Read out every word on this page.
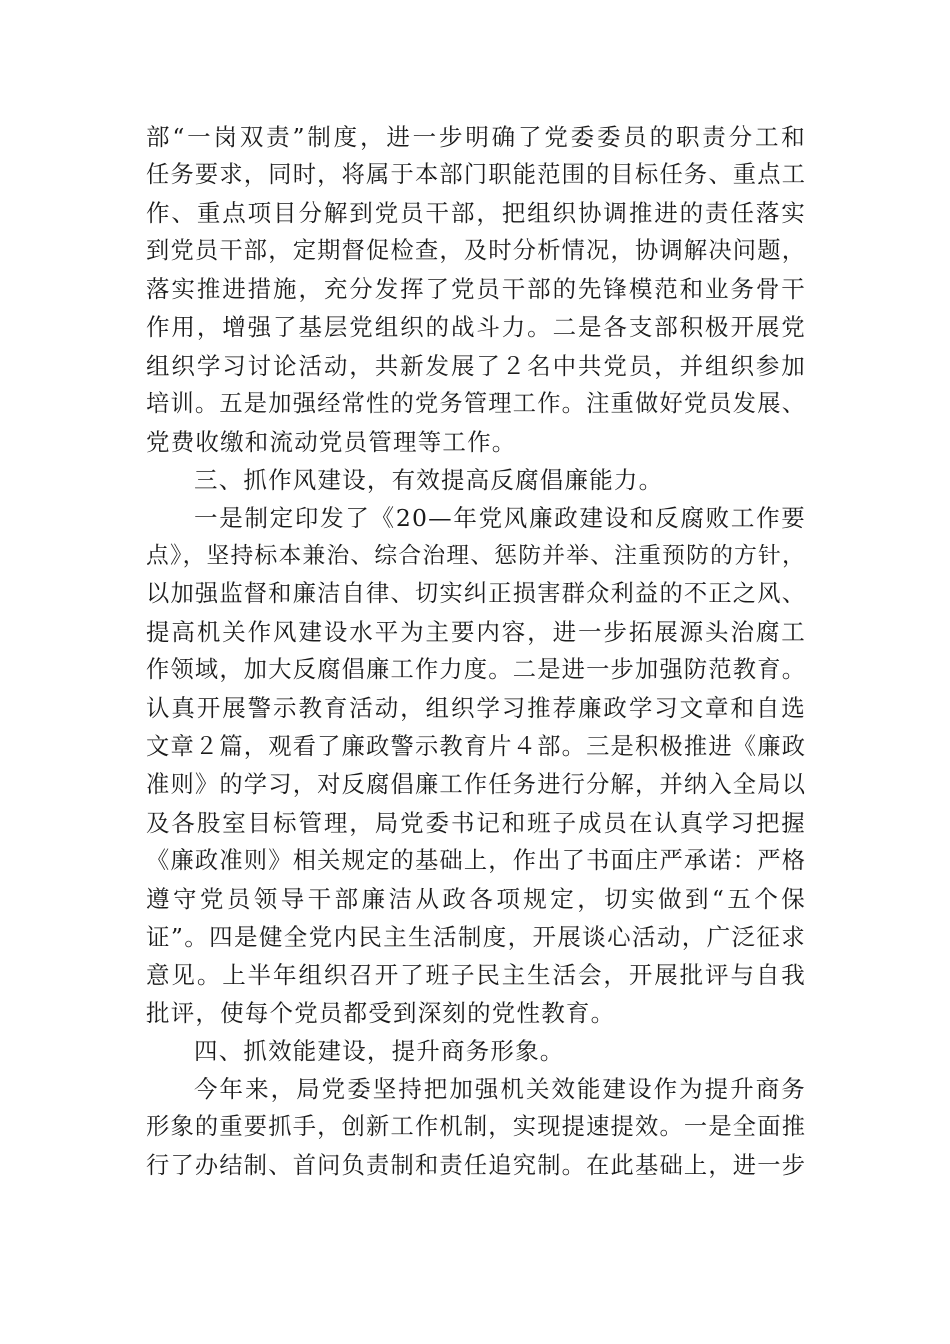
部“一岗双责”制度，进一步明确了党委委员的职责分工和
任务要求，同时，将属于本部门职能范围的目标任务、重点工
作、重点项目分解到党员干部，把组织协调推进的责任落实
到党员干部，定期督促检查，及时分析情况，协调解决问题，
落实推进措施，充分发挥了党员干部的先锋模范和业务骨干
作用，增强了基层党组织的战斗力。二是各支部积极开展党
组织学习讨论活动，共新发展了２名中共党员，并组织参加
培训。五是加强经常性的党务管理工作。注重做好党员发展、
党费收缴和流动党员管理等工作。
三、抓作风建设，有效提高反腐倡廉能力。
一是制定印发了《20—年党风廉政建设和反腐败工作要
点》，坚持标本兼治、综合治理、惩防并举、注重预防的方针，
以加强监督和廉洁自律、切实纠正损害群众利益的不正之风、
提高机关作风建设水平为主要内容，进一步拓展源头治腐工
作领域，加大反腐倡廉工作力度。二是进一步加强防范教育。
认真开展警示教育活动，组织学习推荐廉政学习文章和自选
文章２篇，观看了廉政警示教育片４部。三是积极推进《廉政
准则》的学习，对反腐倡廉工作任务进行分解，并纳入全局以
及各股室目标管理，局党委书记和班子成员在认真学习把握
《廉政准则》相关规定的基础上，作出了书面庄严承诺：严格
遵守党员领导干部廉洁从政各项规定，切实做到“五个保
证”。四是健全党内民主生活制度，开展谈心活动，广泛征求
意见。上半年组织召开了班子民主生活会，开展批评与自我
批评，使每个党员都受到深刻的党性教育。
四、抓效能建设，提升商务形象。
今年来，局党委坚持把加强机关效能建设作为提升商务
形象的重要抓手，创新工作机制，实现提速提效。一是全面推
行了办结制、首问负责制和责任追究制。在此基础上，进一步
